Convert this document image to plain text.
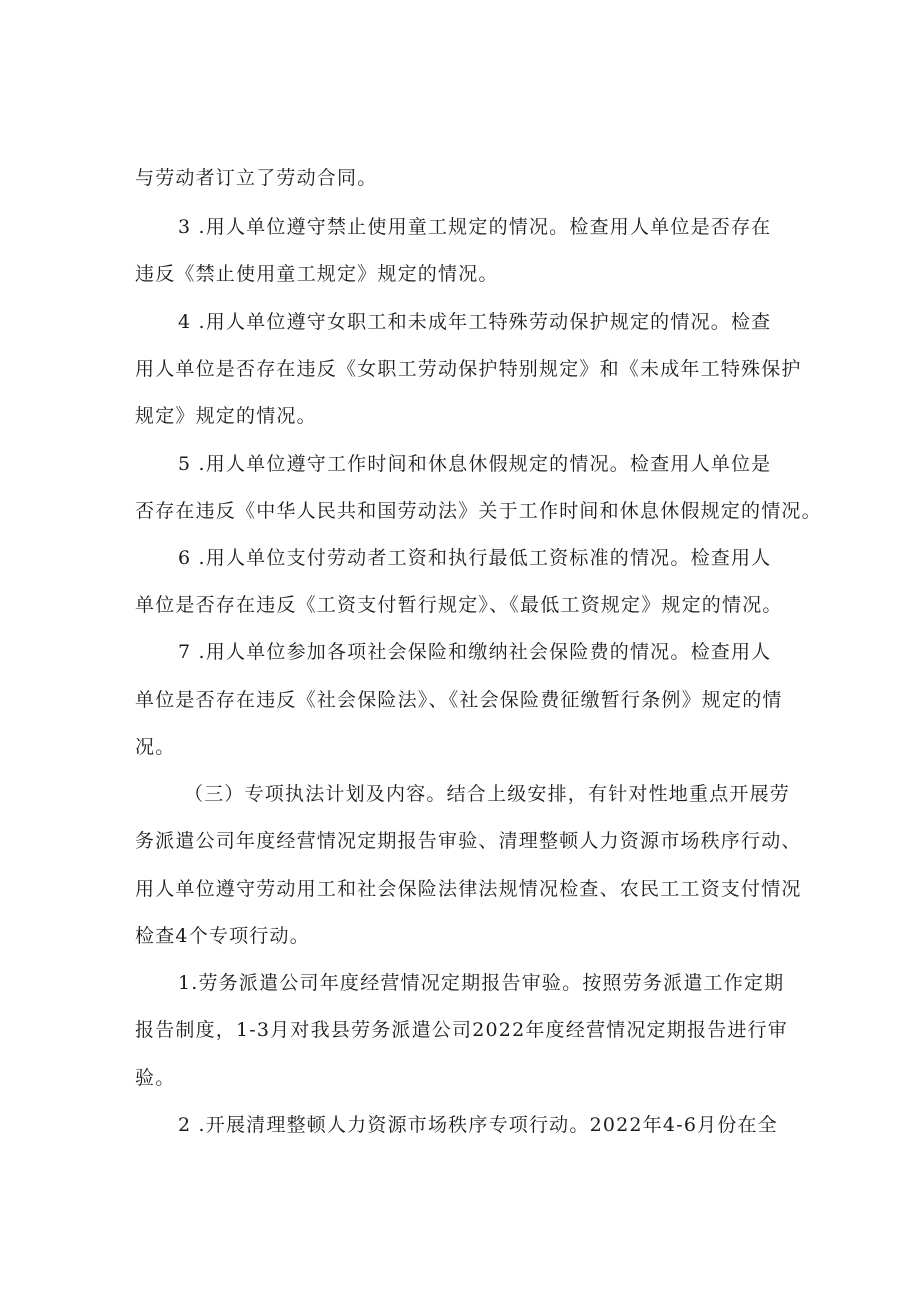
与劳动者订立了劳动合同。
3 .用人单位遵守禁止使用童工规定的情况。检查用人单位是否存在
违反《禁止使用童工规定》规定的情况。
4 .用人单位遵守女职工和未成年工特殊劳动保护规定的情况。检查
用人单位是否存在违反《女职工劳动保护特别规定》和《未成年工特殊保护
规定》规定的情况。
5 .用人单位遵守工作时间和休息休假规定的情况。检查用人单位是
否存在违反《中华人民共和国劳动法》关于工作时间和休息休假规定的情况。
6 .用人单位支付劳动者工资和执行最低工资标准的情况。检查用人
单位是否存在违反《工资支付暂行规定》、《最低工资规定》规定的情况。
7 .用人单位参加各项社会保险和缴纳社会保险费的情况。检查用人
单位是否存在违反《社会保险法》、《社会保险费征缴暂行条例》规定的情
况。
（三）专项执法计划及内容。结合上级安排，有针对性地重点开展劳
务派遣公司年度经营情况定期报告审验、清理整顿人力资源市场秩序行动、
用人单位遵守劳动用工和社会保险法律法规情况检查、农民工工资支付情况
检查4个专项行动。
1.劳务派遣公司年度经营情况定期报告审验。按照劳务派遣工作定期
报告制度，1-3月对我县劳务派遣公司2022年度经营情况定期报告进行审
验。
2 .开展清理整顿人力资源市场秩序专项行动。2022年4-6月份在全
